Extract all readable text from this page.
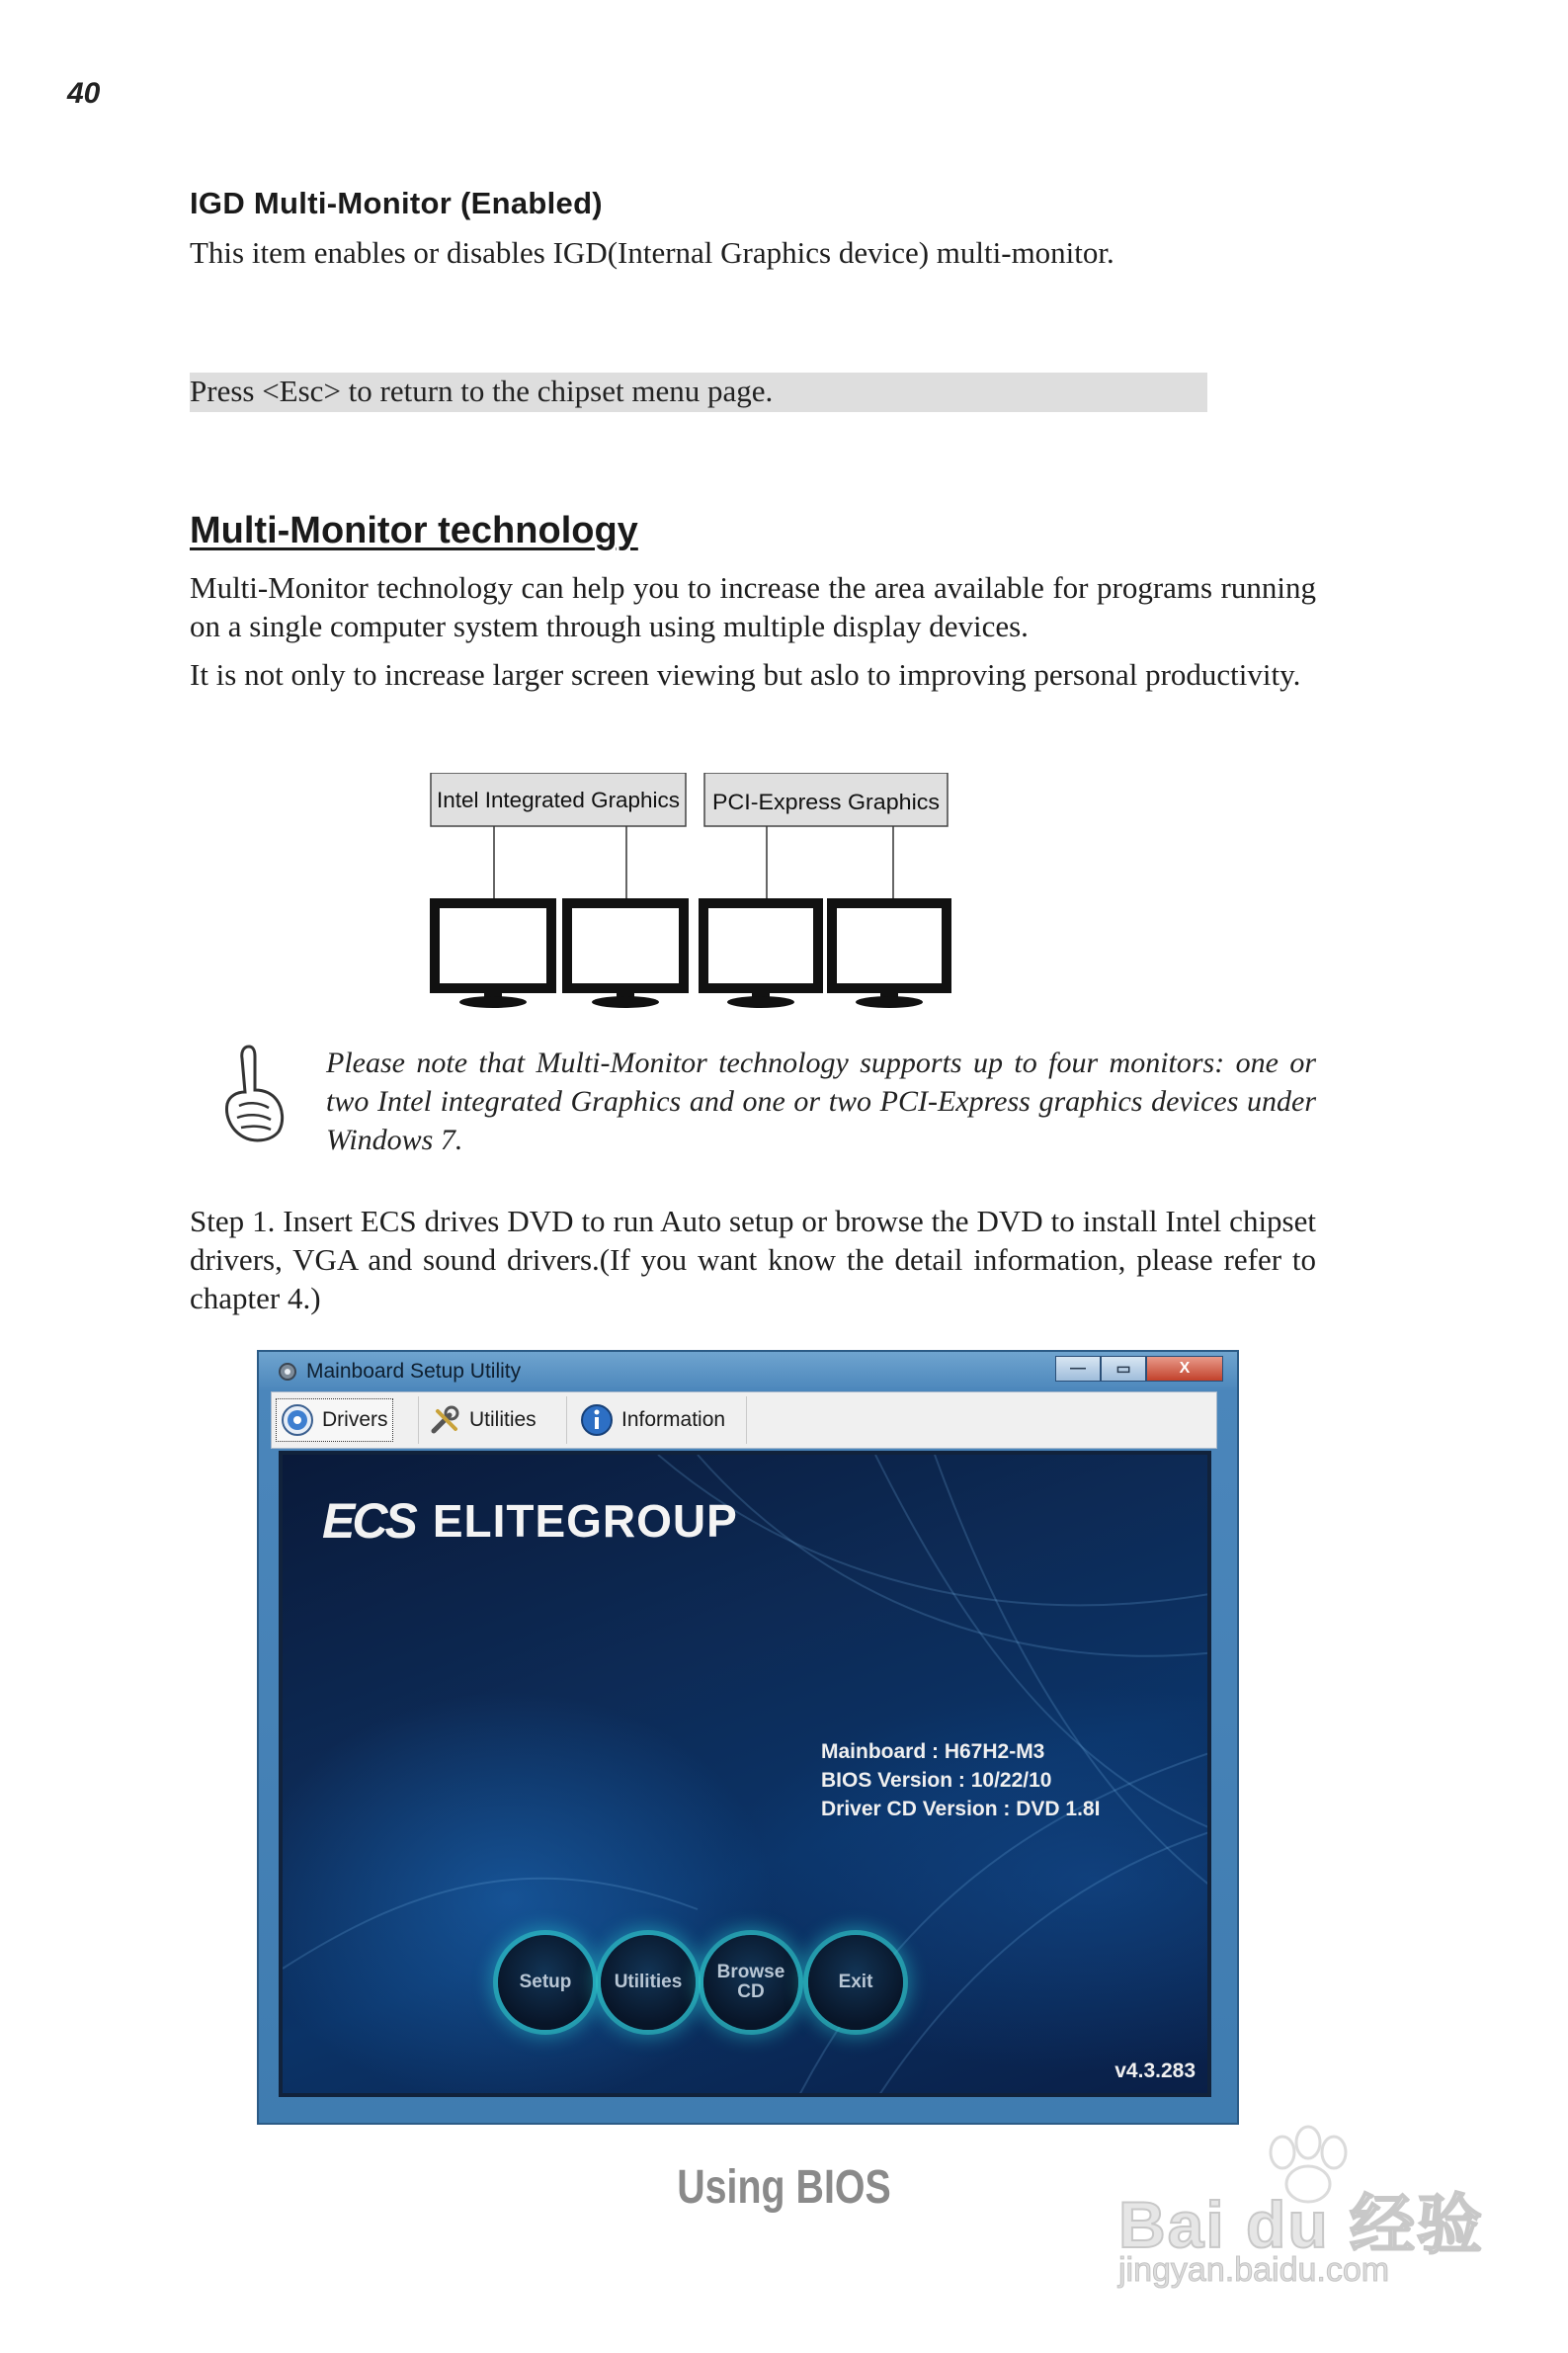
40
IGD Multi-Monitor (Enabled)
This item enables or disables IGD(Internal Graphics device) multi-monitor.
Press <Esc> to return to the chipset menu page.
Multi-Monitor technology
Multi-Monitor technology can help you to increase the area available for programs running on a single computer system through using multiple display devices.
It is not only to increase larger screen viewing but aslo to improving personal productivity.
Intel Integrated Graphics PCI-Express Graphics
Please note that Multi-Monitor technology supports up to four monitors: one or two Intel integrated Graphics and one or two PCI-Express graphics devices under Windows 7.
Step 1. Insert ECS drives DVD to run Auto setup or browse the DVD to install Intel chipset drivers, VGA and sound drivers.(If you want know the detail information, please refer to chapter 4.)
Mainboard Setup Utility	—	▭	X
Drivers	Utilities	Information
ECS ELITEGROUP
Mainboard : H67H2-M3
BIOS Version : 10/22/10
Driver CD Version : DVD 1.8I
Setup	Utilities	Browse
CD	Exit
v4.3.283
Using BIOS
Bai du 经验
jingyan.baidu.com
